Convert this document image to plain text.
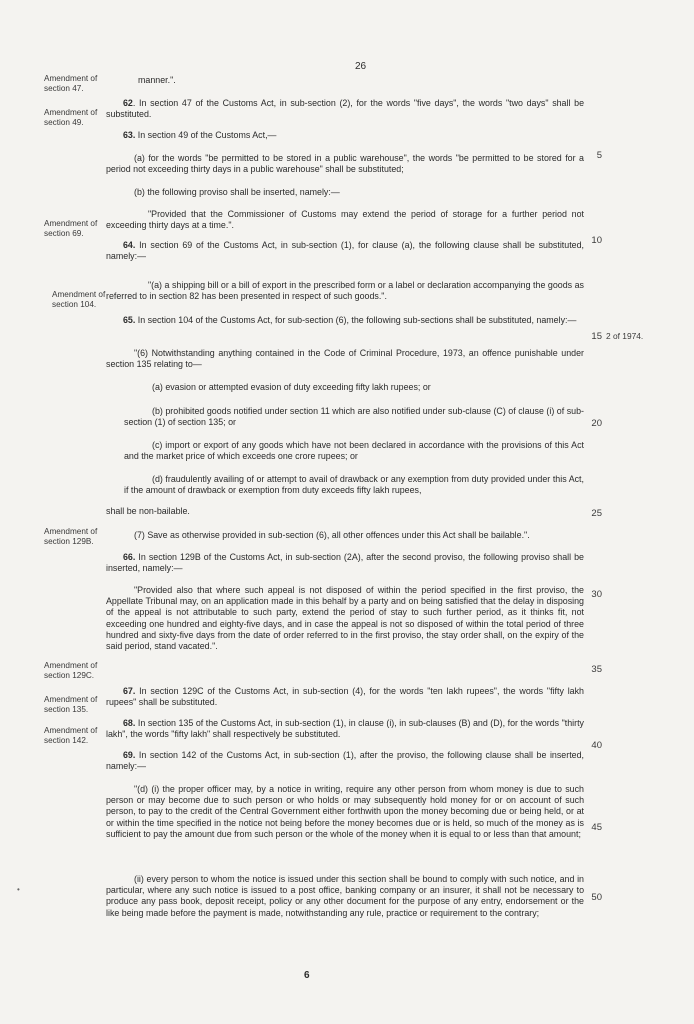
26
Amendment of section 47.
Amendment of section 49.
Amendment of section 69.
Amendment of section 104.
Amendment of section 129B.
Amendment of section 129C.
Amendment of section 135.
Amendment of section 142.
5
10
15
20
25
30
35
40
45
50
2 of 1974.
manner.".
62. In section 47 of the Customs Act, in sub-section (2), for the words "five days", the words "two days" shall be substituted.
63. In section 49 of the Customs Act,—
(a) for the words "be permitted to be stored in a public warehouse", the words "be permitted to be stored for a period not exceeding thirty days in a public warehouse" shall be substituted;
(b) the following proviso shall be inserted, namely:—
"Provided that the Commissioner of Customs may extend the period of storage for a further period not exceeding thirty days at a time.".
64. In section 69 of the Customs Act, in sub-section (1), for clause (a), the following clause shall be substituted, namely:—
"(a) a shipping bill or a bill of export in the prescribed form or a label or declaration accompanying the goods as referred to in section 82 has been presented in respect of such goods.".
65. In section 104 of the Customs Act, for sub-section (6), the following sub-sections shall be substituted, namely:—
"(6) Notwithstanding anything contained in the Code of Criminal Procedure, 1973, an offence punishable under section 135 relating to—
(a) evasion or attempted evasion of duty exceeding fifty lakh rupees; or
(b) prohibited goods notified under section 11 which are also notified under sub-clause (C) of clause (i) of sub-section (1) of section 135; or
(c) import or export of any goods which have not been declared in accordance with the provisions of this Act and the market price of which exceeds one crore rupees; or
(d) fraudulently availing of or attempt to avail of drawback or any exemption from duty provided under this Act, if the amount of drawback or exemption from duty exceeds fifty lakh rupees,
shall be non-bailable.
(7) Save as otherwise provided in sub-section (6), all other offences under this Act shall be bailable.".
66. In section 129B of the Customs Act, in sub-section (2A), after the second proviso, the following proviso shall be inserted, namely:—
"Provided also that where such appeal is not disposed of within the period specified in the first proviso, the Appellate Tribunal may, on an application made in this behalf by a party and on being satisfied that the delay in disposing of the appeal is not attributable to such party, extend the period of stay to such further period, as it thinks fit, not exceeding one hundred and eighty-five days, and in case the appeal is not so disposed of within the total period of three hundred and sixty-five days from the date of order referred to in the first proviso, the stay order shall, on the expiry of the said period, stand vacated.".
67. In section 129C of the Customs Act, in sub-section (4), for the words "ten lakh rupees", the words "fifty lakh rupees" shall be substituted.
68. In section 135 of the Customs Act, in sub-section (1), in clause (i), in sub-clauses (B) and (D), for the words "thirty lakh", the words "fifty lakh" shall respectively be substituted.
69. In section 142 of the Customs Act, in sub-section (1), after the proviso, the following clause shall be inserted, namely:—
"(d) (i) the proper officer may, by a notice in writing, require any other person from whom money is due to such person or may become due to such person or who holds or may subsequently hold money for or on account of such person, to pay to the credit of the Central Government either forthwith upon the money becoming due or being held, or at or within the time specified in the notice not being before the money becomes due or is held, so much of the money as is sufficient to pay the amount due from such person or the whole of the money when it is equal to or less than that amount;
(ii) every person to whom the notice is issued under this section shall be bound to comply with such notice, and in particular, where any such notice is issued to a post office, banking company or an insurer, it shall not be necessary to produce any pass book, deposit receipt, policy or any other document for the purpose of any entry, endorsement or the like being made before the payment is made, notwithstanding any rule, practice or requirement to the contrary;
6
•
